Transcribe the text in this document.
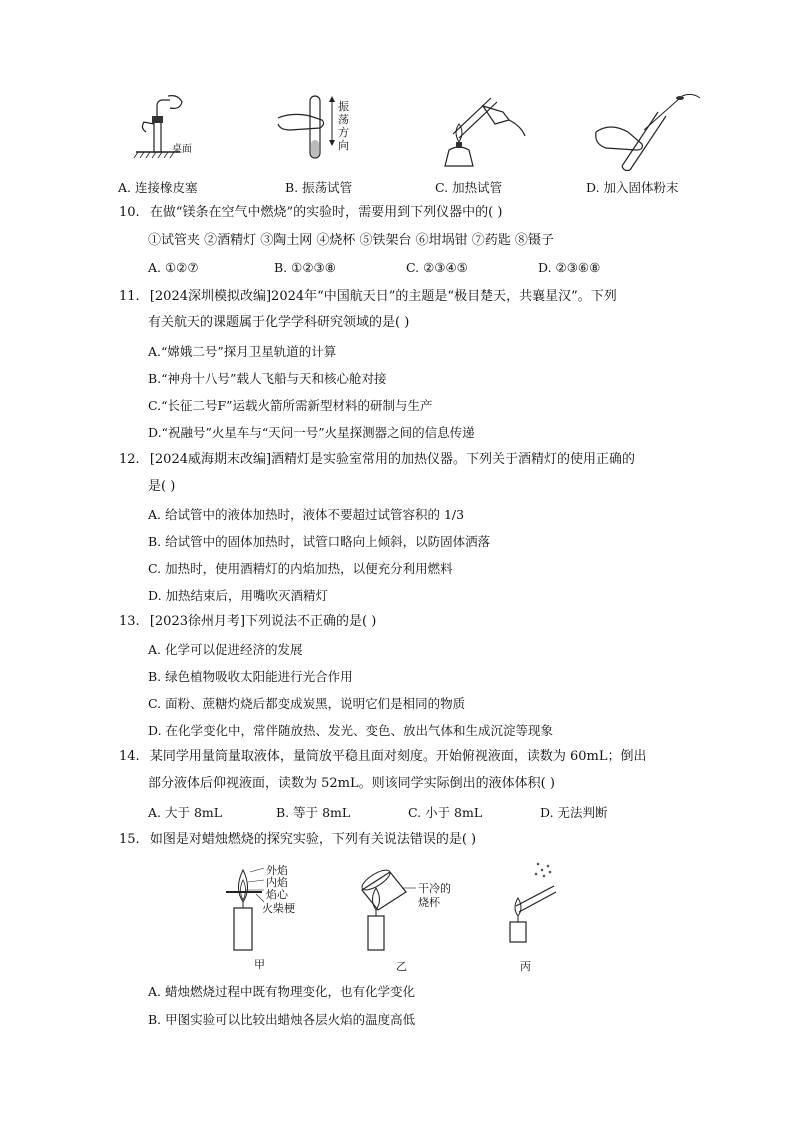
桌面
A. 连接橡皮塞
振荡方向
B. 振荡试管	C. 加热试管	D. 加入固体粉末
10. 在做“镁条在空气中燃烧”的实验时，需要用到下列仪器中的( )
①试管夹 ②酒精灯 ③陶土网 ④烧杯 ⑤铁架台 ⑥坩埚钳 ⑦药匙 ⑧镊子
A. ①②⑦	B. ①②③⑧	C. ②③④⑤	D. ②③⑥⑧
11. [2024深圳模拟改编]2024年“中国航天日”的主题是“极目楚天，共襄星汉”。下列
有关航天的课题属于化学学科研究领域的是( )
A.“嫦娥二号”探月卫星轨道的计算
B.“神舟十八号”载人飞船与天和核心舱对接
C.“长征二号F”运载火箭所需新型材料的研制与生产
D.“祝融号”火星车与“天问一号”火星探测器之间的信息传递
12. [2024威海期末改编]酒精灯是实验室常用的加热仪器。下列关于酒精灯的使用正确的
是( )
A. 给试管中的液体加热时，液体不要超过试管容积的 1/3
B. 给试管中的固体加热时，试管口略向上倾斜，以防固体洒落
C. 加热时，使用酒精灯的内焰加热，以便充分利用燃料
D. 加热结束后，用嘴吹灭酒精灯
13. [2023徐州月考]下列说法不正确的是( )
A. 化学可以促进经济的发展
B. 绿色植物吸收太阳能进行光合作用
C. 面粉、蔗糖灼烧后都变成炭黑，说明它们是相同的物质
D. 在化学变化中，常伴随放热、发光、变色、放出气体和生成沉淀等现象
14. 某同学用量筒量取液体，量筒放平稳且面对刻度。开始俯视液面，读数为 60mL；倒出
部分液体后仰视液面，读数为 52mL。则该同学实际倒出的液体体积( )
A. 大于 8mL	B. 等于 8mL	C. 小于 8mL	D. 无法判断
15. 如图是对蜡烛燃烧的探究实验，下列有关说法错误的是( )
外焰
内焰
焰心
火柴梗
干冷的
烧杯
甲	乙	丙
A. 蜡烛燃烧过程中既有物理变化，也有化学变化
B. 甲图实验可以比较出蜡烛各层火焰的温度高低
